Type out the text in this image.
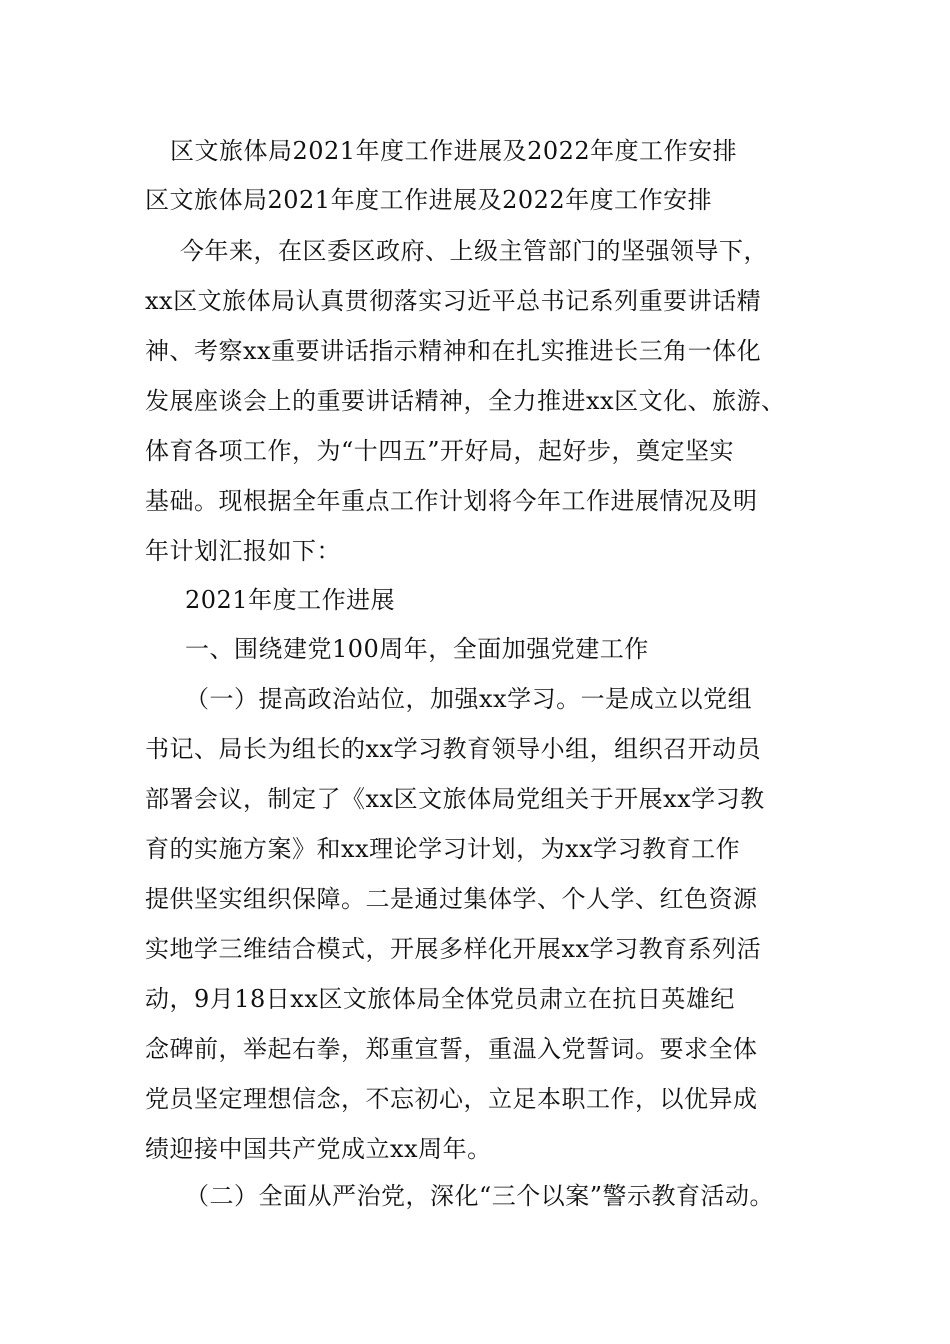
区文旅体局2021年度工作进展及2022年度工作安排
区文旅体局2021年度工作进展及2022年度工作安排
今年来，在区委区政府、上级主管部门的坚强领导下，
xx区文旅体局认真贯彻落实习近平总书记系列重要讲话精
神、考察xx重要讲话指示精神和在扎实推进长三角一体化
发展座谈会上的重要讲话精神，全力推进xx区文化、旅游、
体育各项工作，为“十四五”开好局，起好步，奠定坚实
基础。现根据全年重点工作计划将今年工作进展情况及明
年计划汇报如下：
2021年度工作进展
一、围绕建党100周年，全面加强党建工作
（一）提高政治站位，加强xx学习。一是成立以党组
书记、局长为组长的xx学习教育领导小组，组织召开动员
部署会议，制定了《xx区文旅体局党组关于开展xx学习教
育的实施方案》和xx理论学习计划，为xx学习教育工作
提供坚实组织保障。二是通过集体学、个人学、红色资源
实地学三维结合模式，开展多样化开展xx学习教育系列活
动，9月18日xx区文旅体局全体党员肃立在抗日英雄纪
念碑前，举起右拳，郑重宣誓，重温入党誓词。要求全体
党员坚定理想信念，不忘初心，立足本职工作，以优异成
绩迎接中国共产党成立xx周年。
（二）全面从严治党，深化“三个以案”警示教育活动。
